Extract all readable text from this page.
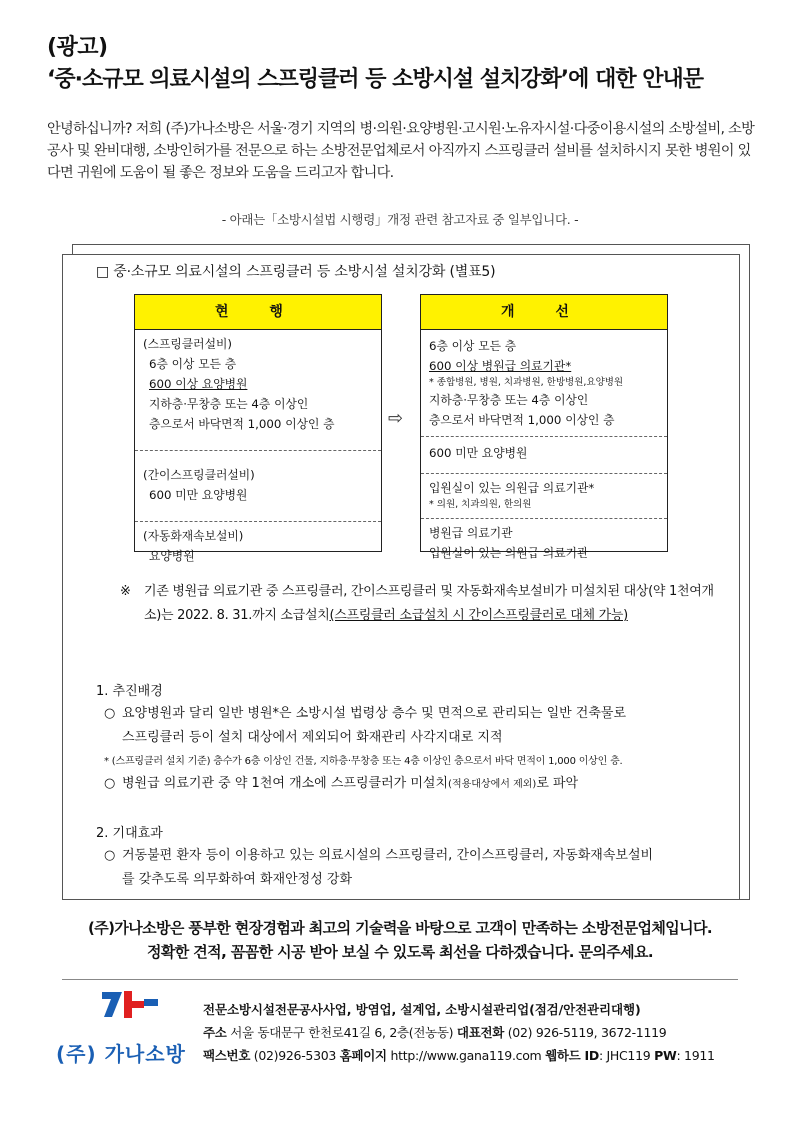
(광고)
‘중·소규모 의료시설의 스프링클러 등 소방시설 설치강화’에 대한 안내문
안녕하십니까? 저희 (주)가나소방은 서울·경기 지역의 병·의원·요양병원·고시원·노유자시설·다중이용시설의 소방설비, 소방공사 및 완비대행, 소방인허가를 전문으로 하는 소방전문업체로서 아직까지 스프링클러 설비를 설치하시지 못한 병원이 있다면 귀원에 도움이 될 좋은 정보와 도움을 드리고자 합니다.
- 아래는「소방시설법 시행령」개정 관련 참고자료 중 일부입니다. -
□ 중·소규모 의료시설의 스프링클러 등 소방시설 설치강화 (별표5)
현 행
(스프링클러설비)
6층 이상 모든 층
600 이상 요양병원
지하층·무창층 또는 4층 이상인
층으로서 바닥면적 1,000 이상인 층
(간이스프링클러설비)
600 미만 요양병원
(자동화재속보설비)
요양병원
⇨
개 선
6층 이상 모든 층
600 이상 병원급 의료기관*
* 종합병원, 병원, 치과병원, 한방병원,요양병원
지하층·무창층 또는 4층 이상인
층으로서 바닥면적 1,000 이상인 층
600 미만 요양병원
입원실이 있는 의원급 의료기관*
* 의원, 치과의원, 한의원
병원급 의료기관
입원실이 있는 의원급 의료기관
※ 기존 병원급 의료기관 중 스프링클러, 간이스프링클러 및 자동화재속보설비가 미설치된 대상(약 1천여개소)는 2022. 8. 31.까지 소급설치(스프링클러 소급설치 시 간이스프링클러로 대체 가능)
1. 추진배경
○ 요양병원과 달리 일반 병원*은 소방시설 법령상 층수 및 면적으로 관리되는 일반 건축물로
스프링클러 등이 설치 대상에서 제외되어 화재관리 사각지대로 지적
* (스프링클러 설치 기준) 층수가 6층 이상인 건물, 지하층·무창층 또는 4층 이상인 층으로서 바닥 면적이 1,000 이상인 층.
○ 병원급 의료기관 중 약 1천여 개소에 스프링클러가 미설치(적용대상에서 제외)로 파악
2. 기대효과
○ 거동불편 환자 등이 이용하고 있는 의료시설의 스프링클러, 간이스프링클러, 자동화재속보설비
를 갖추도록 의무화하여 화재안정성 강화
(주)가나소방은 풍부한 현장경험과 최고의 기술력을 바탕으로 고객이 만족하는 소방전문업체입니다.
정확한 견적, 꼼꼼한 시공 받아 보실 수 있도록 최선을 다하겠습니다. 문의주세요.
(주) 가나소방
전문소방시설전문공사사업, 방염업, 설계업, 소방시설관리업(점검/안전관리대행)
주소 서울 동대문구 한천로41길 6, 2층(전농동) 대표전화 (02) 926-5119, 3672-1119
팩스번호 (02)926-5303 홈페이지 http://www.gana119.com 웹하드 ID: JHC119 PW: 1911
